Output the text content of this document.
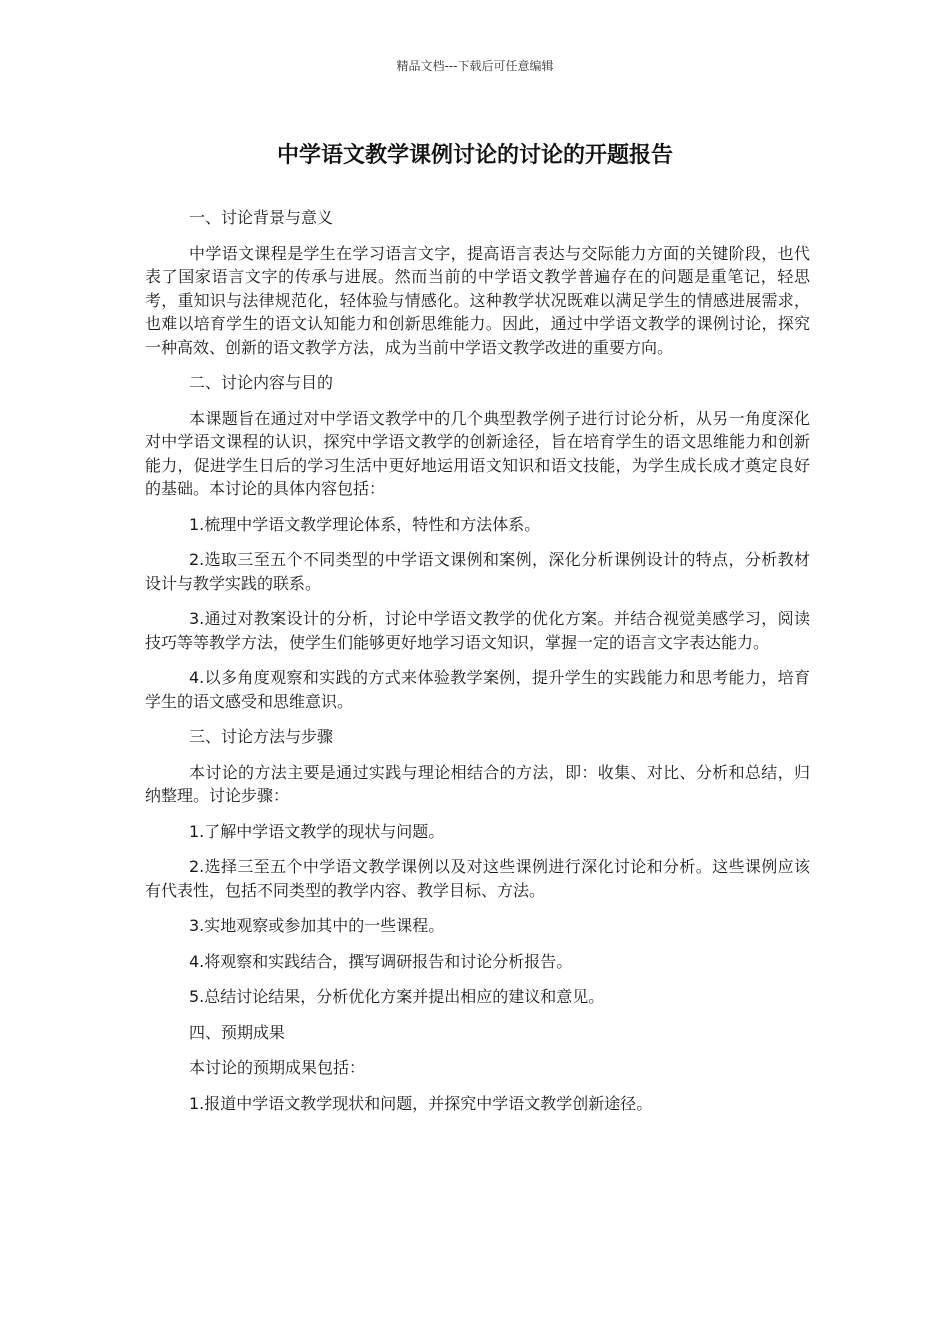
精品文档---下载后可任意编辑
中学语文教学课例讨论的讨论的开题报告
一、讨论背景与意义
中学语文课程是学生在学习语言文字，提高语言表达与交际能力方面的关键阶段，也代表了国家语言文字的传承与进展。然而当前的中学语文教学普遍存在的问题是重笔记，轻思考，重知识与法律规范化，轻体验与情感化。这种教学状况既难以满足学生的情感进展需求，也难以培育学生的语文认知能力和创新思维能力。因此，通过中学语文教学的课例讨论，探究一种高效、创新的语文教学方法，成为当前中学语文教学改进的重要方向。
二、讨论内容与目的
本课题旨在通过对中学语文教学中的几个典型教学例子进行讨论分析，从另一角度深化对中学语文课程的认识，探究中学语文教学的创新途径，旨在培育学生的语文思维能力和创新能力，促进学生日后的学习生活中更好地运用语文知识和语文技能，为学生成长成才奠定良好的基础。本讨论的具体内容包括：
1.梳理中学语文教学理论体系，特性和方法体系。
2.选取三至五个不同类型的中学语文课例和案例，深化分析课例设计的特点，分析教材设计与教学实践的联系。
3.通过对教案设计的分析，讨论中学语文教学的优化方案。并结合视觉美感学习，阅读技巧等等教学方法，使学生们能够更好地学习语文知识，掌握一定的语言文字表达能力。
4.以多角度观察和实践的方式来体验教学案例，提升学生的实践能力和思考能力，培育学生的语文感受和思维意识。
三、讨论方法与步骤
本讨论的方法主要是通过实践与理论相结合的方法，即：收集、对比、分析和总结，归纳整理。讨论步骤：
1.了解中学语文教学的现状与问题。
2.选择三至五个中学语文教学课例以及对这些课例进行深化讨论和分析。这些课例应该有代表性，包括不同类型的教学内容、教学目标、方法。
3.实地观察或参加其中的一些课程。
4.将观察和实践结合，撰写调研报告和讨论分析报告。
5.总结讨论结果，分析优化方案并提出相应的建议和意见。
四、预期成果
本讨论的预期成果包括：
1.报道中学语文教学现状和问题，并探究中学语文教学创新途径。
